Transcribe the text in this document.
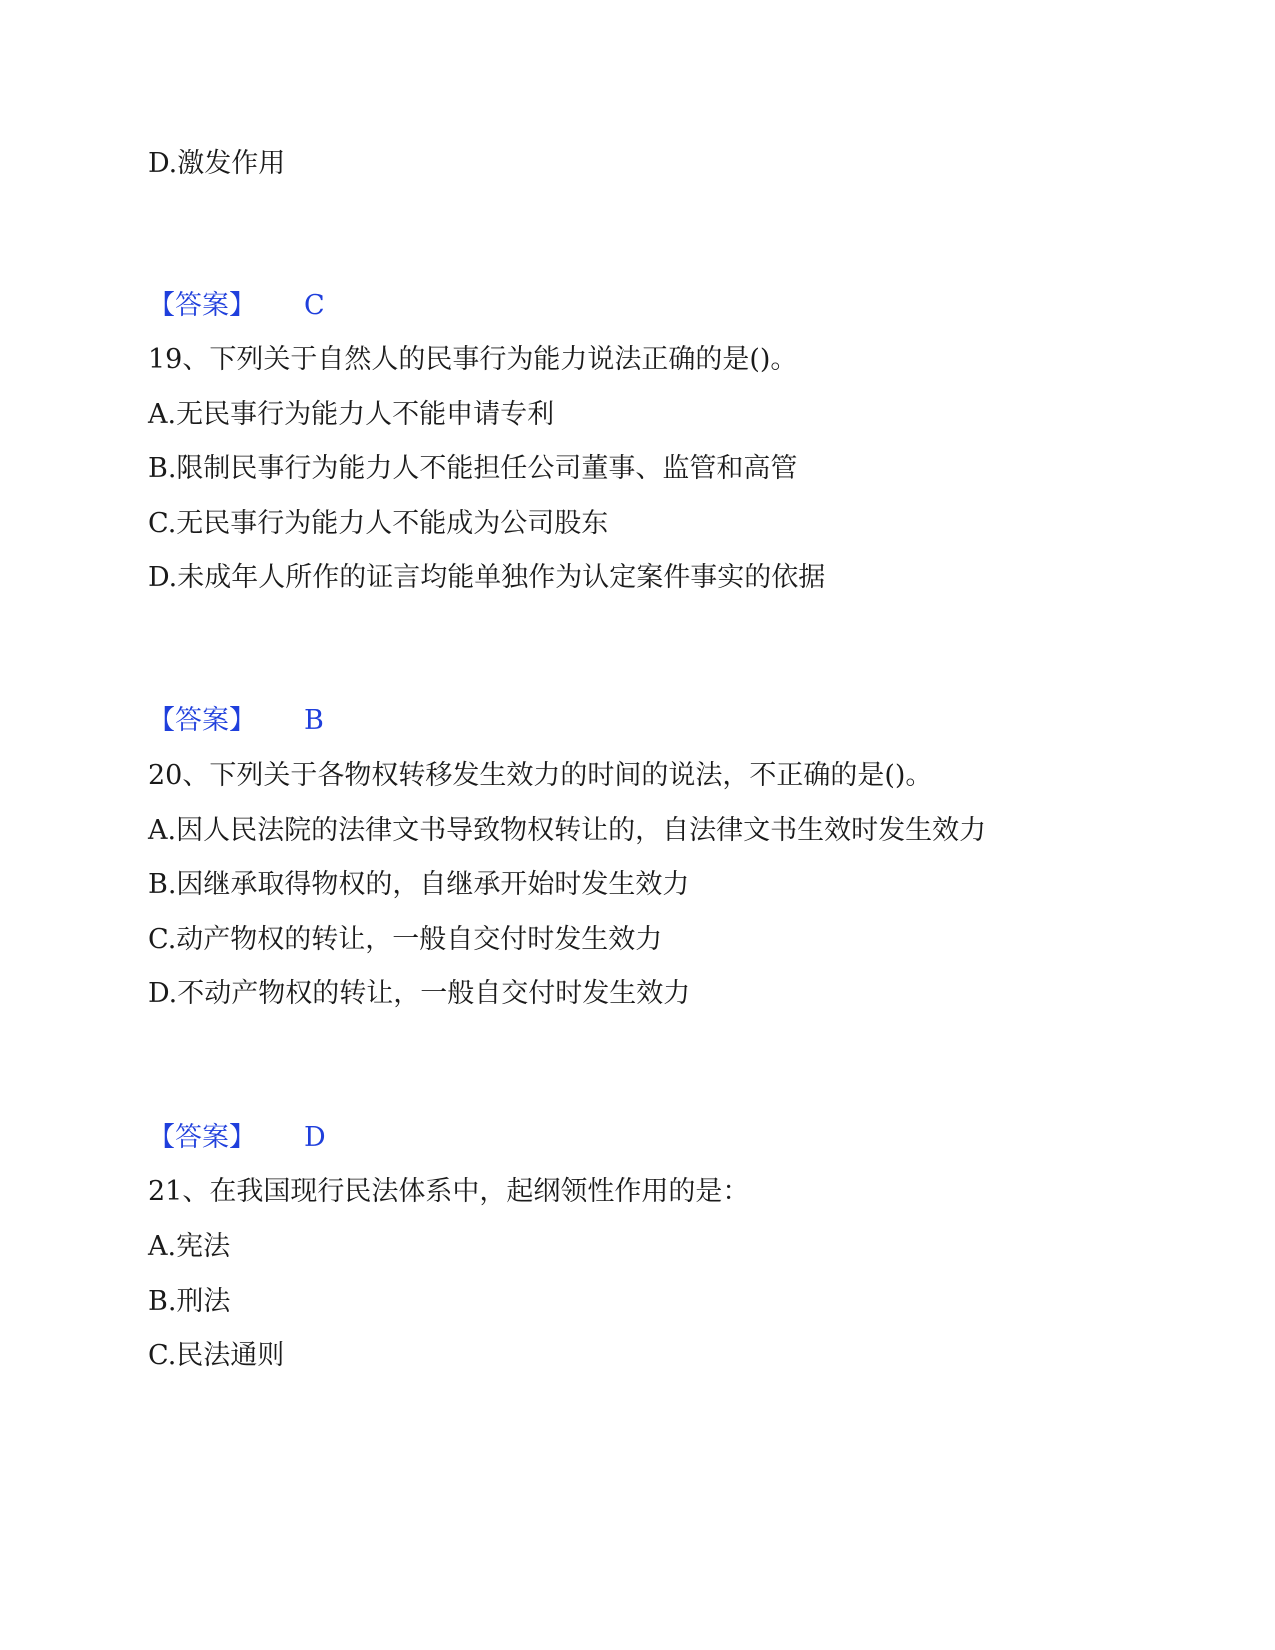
D.激发作用
【答案】 C
19、下列关于自然人的民事行为能力说法正确的是()。
A.无民事行为能力人不能申请专利
B.限制民事行为能力人不能担任公司董事、监管和高管
C.无民事行为能力人不能成为公司股东
D.未成年人所作的证言均能单独作为认定案件事实的依据
【答案】 B
20、下列关于各物权转移发生效力的时间的说法，不正确的是()。
A.因人民法院的法律文书导致物权转让的，自法律文书生效时发生效力
B.因继承取得物权的，自继承开始时发生效力
C.动产物权的转让，一般自交付时发生效力
D.不动产物权的转让，一般自交付时发生效力
【答案】 D
21、在我国现行民法体系中，起纲领性作用的是：
A.宪法
B.刑法
C.民法通则
